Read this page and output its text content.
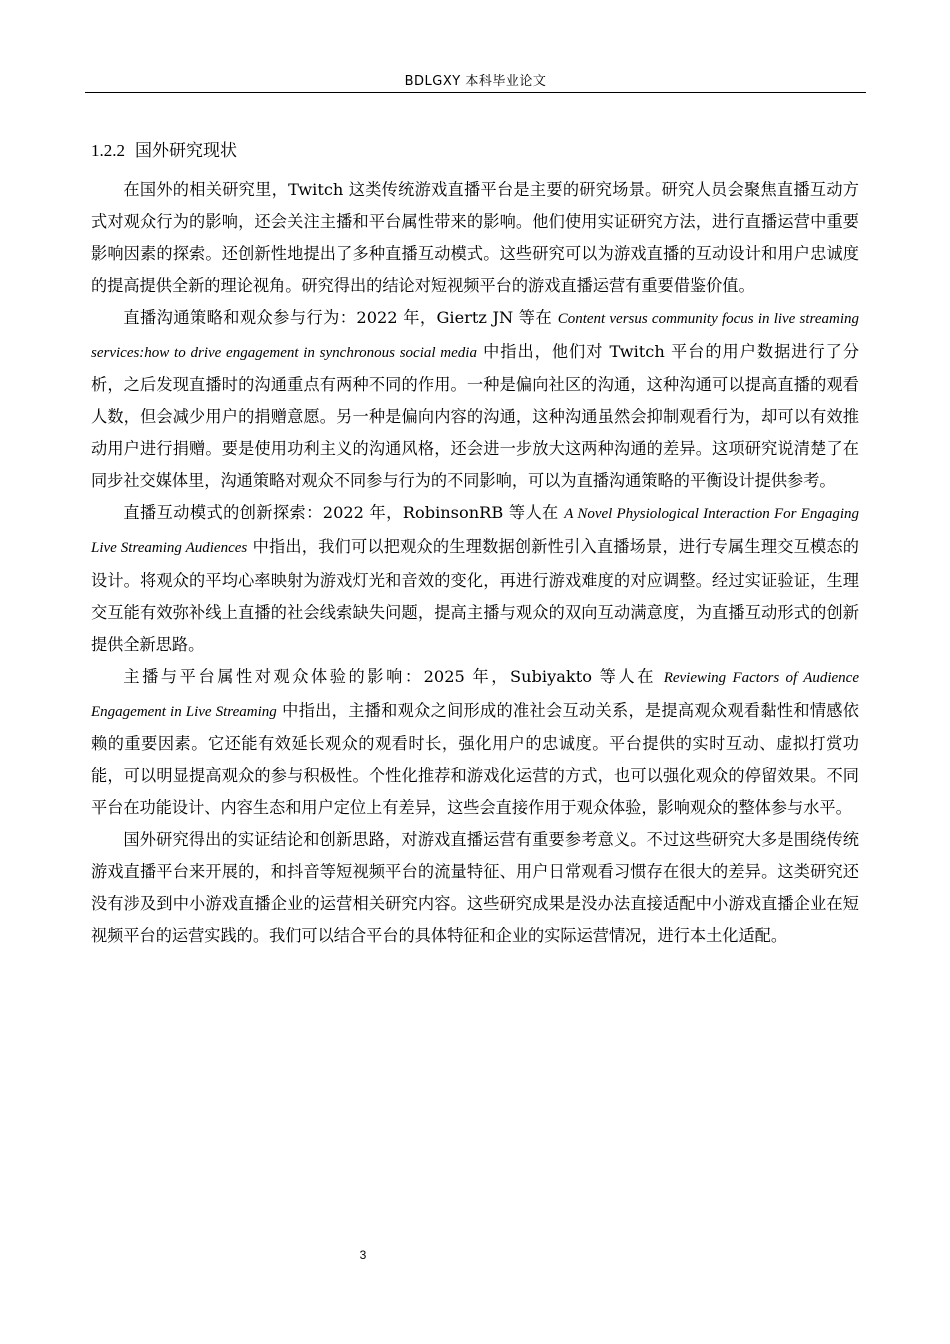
BDLGXY 本科毕业论文
1.2.2 国外研究现状

在国外的相关研究里，Twitch 这类传统游戏直播平台是主要的研究场景。研究人员会聚焦直播互动方式对观众行为的影响，还会关注主播和平台属性带来的影响。他们使用实证研究方法，进行直播运营中重要影响因素的探索。还创新性地提出了多种直播互动模式。这些研究可以为游戏直播的互动设计和用户忠诚度的提高提供全新的理论视角。研究得出的结论对短视频平台的游戏直播运营有重要借鉴价值。

直播沟通策略和观众参与行为：2022 年，Giertz JN 等在 Content versus community focus in live streaming services:how to drive engagement in synchronous social media 中指出，他们对 Twitch 平台的用户数据进行了分析，之后发现直播时的沟通重点有两种不同的作用。一种是偏向社区的沟通，这种沟通可以提高直播的观看人数，但会减少用户的捐赠意愿。另一种是偏向内容的沟通，这种沟通虽然会抑制观看行为，却可以有效推动用户进行捐赠。要是使用功利主义的沟通风格，还会进一步放大这两种沟通的差异。这项研究说清楚了在同步社交媒体里，沟通策略对观众不同参与行为的不同影响，可以为直播沟通策略的平衡设计提供参考。

直播互动模式的创新探索：2022 年，RobinsonRB 等人在 A Novel Physiological Interaction For Engaging Live Streaming Audiences 中指出，我们可以把观众的生理数据创新性引入直播场景，进行专属生理交互模态的设计。将观众的平均心率映射为游戏灯光和音效的变化，再进行游戏难度的对应调整。经过实证验证，生理交互能有效弥补线上直播的社会线索缺失问题，提高主播与观众的双向互动满意度，为直播互动形式的创新提供全新思路。

主播与平台属性对观众体验的影响：2025 年，Subiyakto 等人在 Reviewing Factors of Audience Engagement in Live Streaming 中指出，主播和观众之间形成的准社会互动关系，是提高观众观看黏性和情感依赖的重要因素。它还能有效延长观众的观看时长，强化用户的忠诚度。平台提供的实时互动、虚拟打赏功能，可以明显提高观众的参与积极性。个性化推荐和游戏化运营的方式，也可以强化观众的停留效果。不同平台在功能设计、内容生态和用户定位上有差异，这些会直接作用于观众体验，影响观众的整体参与水平。

国外研究得出的实证结论和创新思路，对游戏直播运营有重要参考意义。不过这些研究大多是围绕传统游戏直播平台来开展的，和抖音等短视频平台的流量特征、用户日常观看习惯存在很大的差异。这类研究还没有涉及到中小游戏直播企业的运营相关研究内容。这些研究成果是没办法直接适配中小游戏直播企业在短视频平台的运营实践的。我们可以结合平台的具体特征和企业的实际运营情况，进行本土化适配。

3
